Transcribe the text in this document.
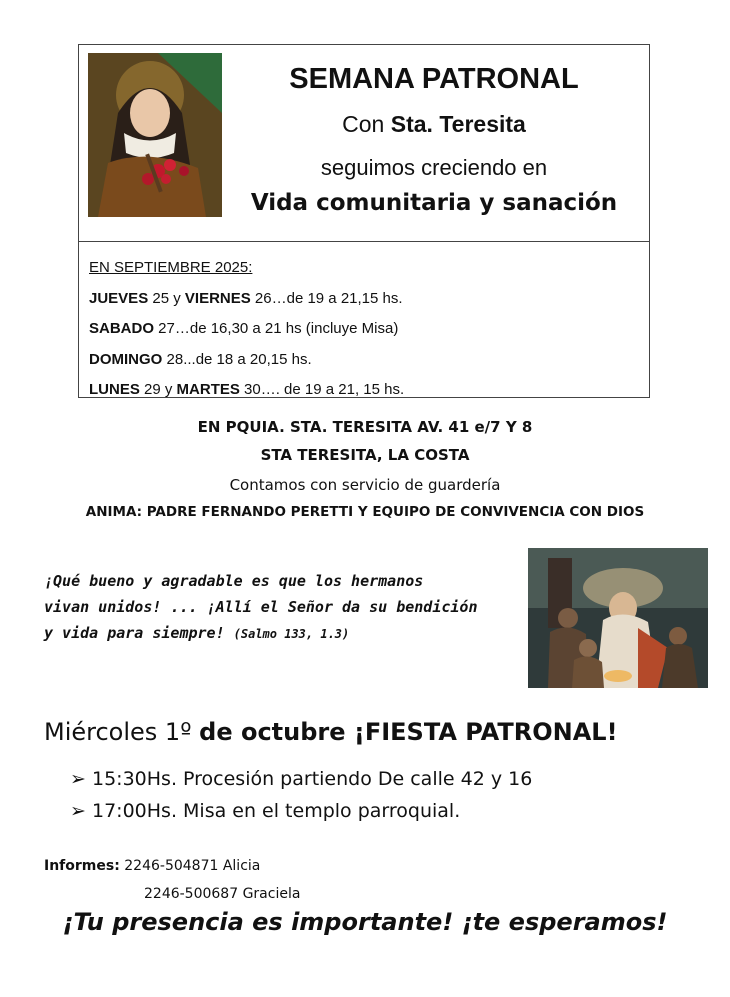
SEMANA PATRONAL
Con Sta. Teresita
seguimos creciendo en
Vida comunitaria y sanación
EN SEPTIEMBRE 2025:
JUEVES 25 y VIERNES 26…de 19 a 21,15 hs.
SABADO 27…de 16,30 a 21 hs (incluye Misa)
DOMINGO 28...de 18 a 20,15 hs.
LUNES 29 y MARTES 30…. de 19 a 21, 15 hs.
EN PQUIA. STA. TERESITA AV. 41 e/7 Y 8
STA TERESITA, LA COSTA
Contamos con servicio de guardería
ANIMA: PADRE FERNANDO PERETTI Y EQUIPO DE CONVIVENCIA CON DIOS
¡Qué bueno y agradable es que los hermanos
vivan unidos! ... ¡Allí el Señor da su bendición
y vida para siempre! (Salmo 133, 1.3)
Miércoles 1º de octubre ¡FIESTA PATRONAL!
➢ 15:30Hs. Procesión partiendo De calle 42 y 16
➢ 17:00Hs. Misa en el templo parroquial.
Informes: 2246-504871 Alicia
2246-500687 Graciela
¡Tu presencia es importante! ¡te esperamos!
